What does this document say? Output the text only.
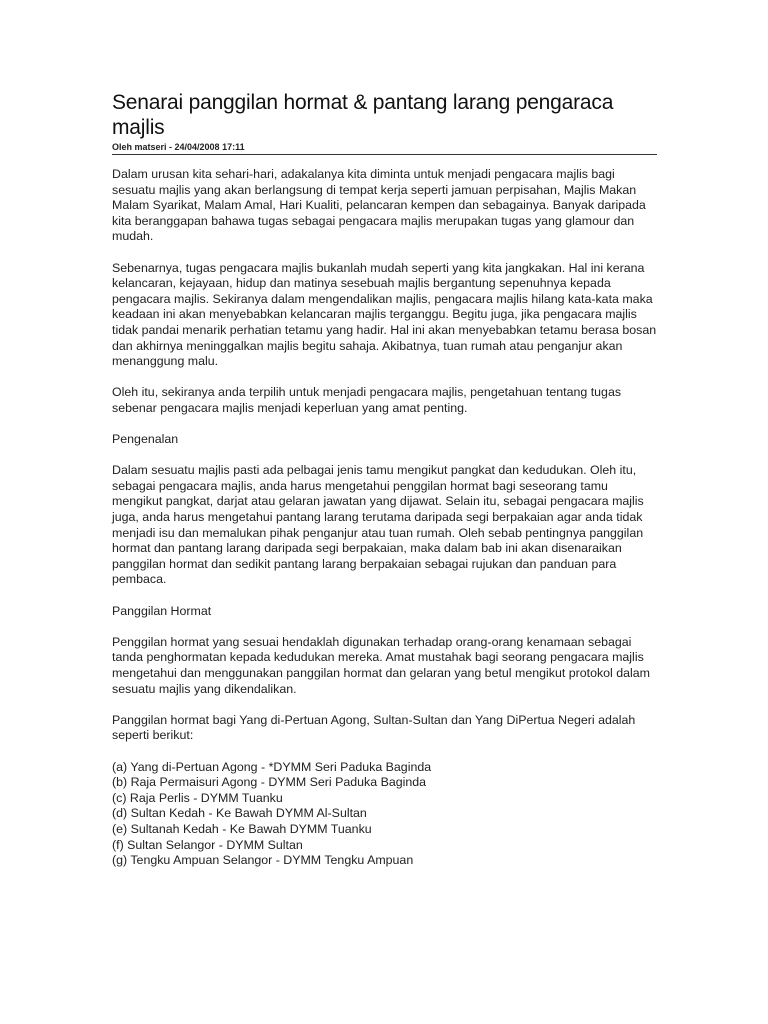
Senarai panggilan hormat & pantang larang pengaraca majlis
Oleh matseri - 24/04/2008 17:11

Dalam urusan kita sehari-hari, adakalanya kita diminta untuk menjadi pengacara majlis bagi sesuatu majlis yang akan berlangsung di tempat kerja seperti jamuan perpisahan, Majlis Makan Malam Syarikat, Malam Amal, Hari Kualiti, pelancaran kempen dan sebagainya. Banyak daripada kita beranggapan bahawa tugas sebagai pengacara majlis merupakan tugas yang glamour dan mudah.

Sebenarnya, tugas pengacara majlis bukanlah mudah seperti yang kita jangkakan. Hal ini kerana kelancaran, kejayaan, hidup dan matinya sesebuah majlis bergantung sepenuhnya kepada pengacara majlis. Sekiranya dalam mengendalikan majlis, pengacara majlis hilang kata-kata maka keadaan ini akan menyebabkan kelancaran majlis terganggu. Begitu juga, jika pengacara majlis tidak pandai menarik perhatian tetamu yang hadir. Hal ini akan menyebabkan tetamu berasa bosan dan akhirnya meninggalkan majlis begitu sahaja. Akibatnya, tuan rumah atau penganjur akan menanggung malu.

Oleh itu, sekiranya anda terpilih untuk menjadi pengacara majlis, pengetahuan tentang tugas sebenar pengacara majlis menjadi keperluan yang amat penting.

Pengenalan

Dalam sesuatu majlis pasti ada pelbagai jenis tamu mengikut pangkat dan kedudukan. Oleh itu, sebagai pengacara majlis, anda harus mengetahui penggilan hormat bagi seseorang tamu mengikut pangkat, darjat atau gelaran jawatan yang dijawat. Selain itu, sebagai pengacara majlis juga, anda harus mengetahui pantang larang terutama daripada segi berpakaian agar anda tidak menjadi isu dan memalukan pihak penganjur atau tuan rumah. Oleh sebab pentingnya panggilan hormat dan pantang larang daripada segi berpakaian, maka dalam bab ini akan disenaraikan panggilan hormat dan sedikit pantang larang berpakaian sebagai rujukan dan panduan para pembaca.

Panggilan Hormat

Penggilan hormat yang sesuai hendaklah digunakan terhadap orang-orang kenamaan sebagai tanda penghormatan kepada kedudukan mereka. Amat mustahak bagi seorang pengacara majlis mengetahui dan menggunakan panggilan hormat dan gelaran yang betul mengikut protokol dalam sesuatu majlis yang dikendalikan.

Panggilan hormat bagi Yang di-Pertuan Agong, Sultan-Sultan dan Yang DiPertua Negeri adalah seperti berikut:

(a) Yang di-Pertuan Agong - *DYMM Seri Paduka Baginda
(b) Raja Permaisuri Agong - DYMM Seri Paduka Baginda
(c) Raja Perlis - DYMM Tuanku
(d) Sultan Kedah - Ke Bawah DYMM Al-Sultan
(e) Sultanah Kedah - Ke Bawah DYMM Tuanku
(f) Sultan Selangor - DYMM Sultan
(g) Tengku Ampuan Selangor - DYMM Tengku Ampuan
